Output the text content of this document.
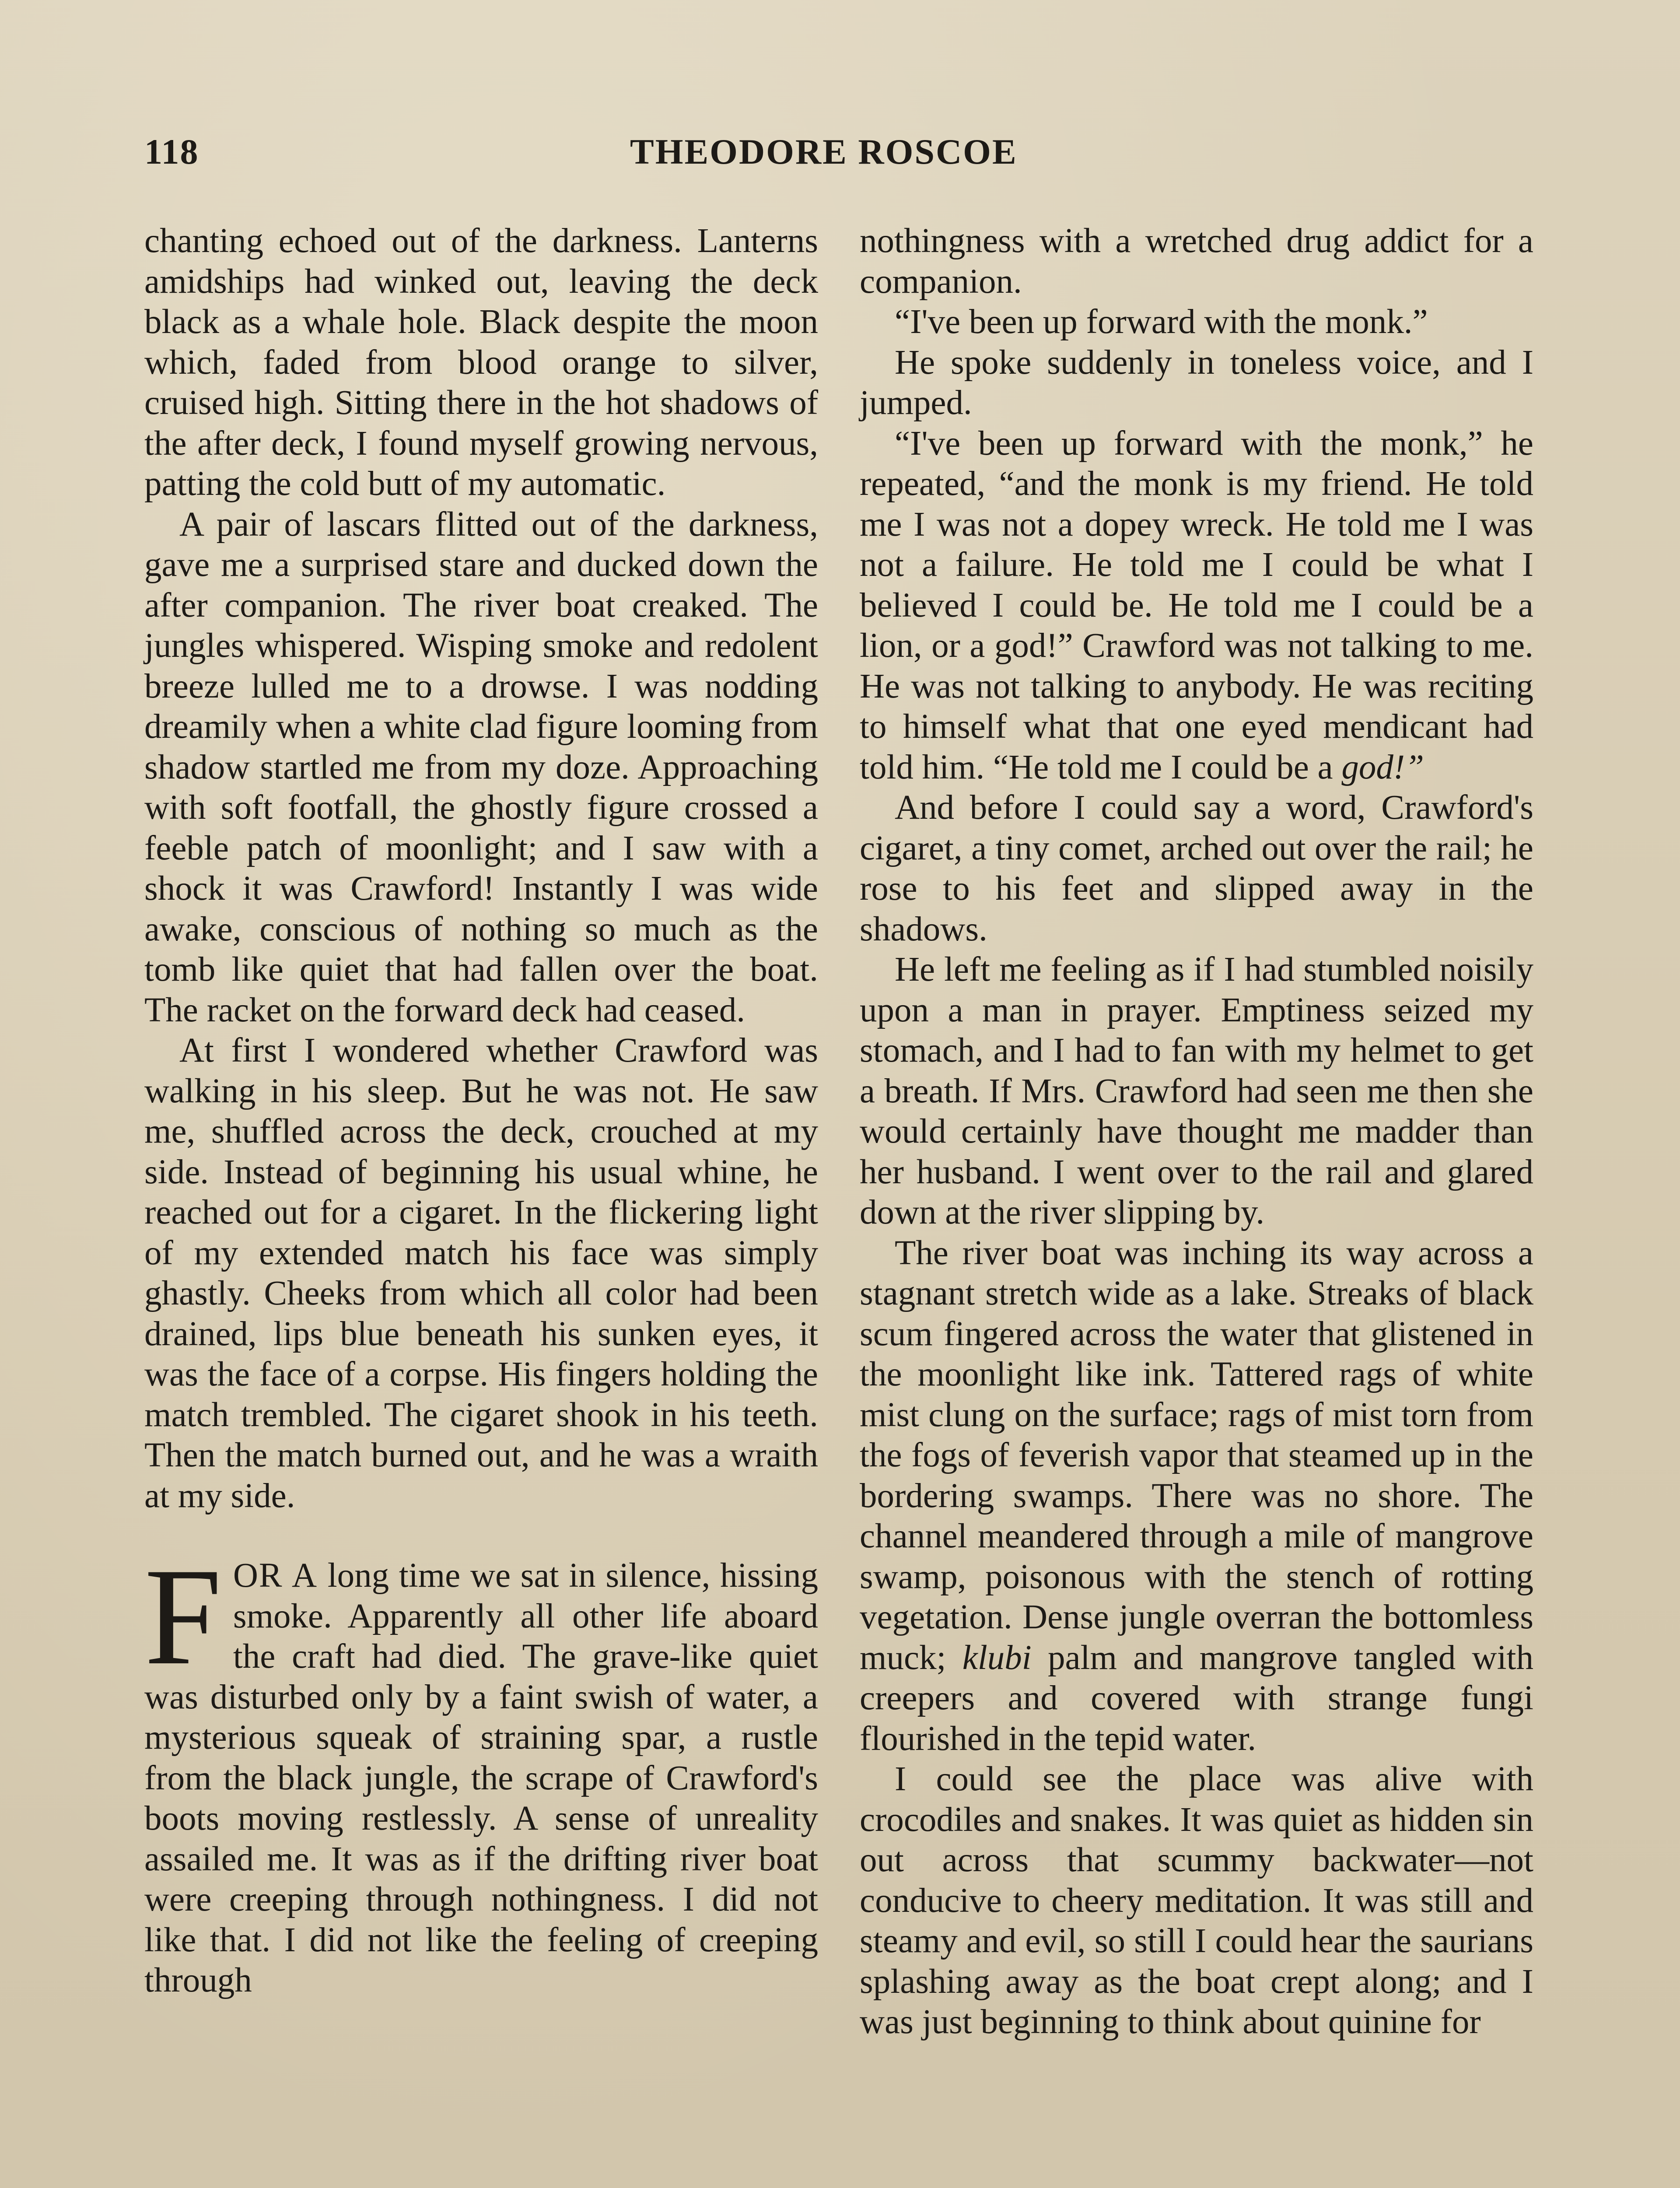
118	THEODORE ROSCOE

chanting echoed out of the darkness. Lanterns amidships had winked out, leaving the deck black as a whale hole. Black despite the moon which, faded from blood orange to silver, cruised high. Sitting there in the hot shadows of the after deck, I found myself growing nervous, patting the cold butt of my automatic.

A pair of lascars flitted out of the darkness, gave me a surprised stare and ducked down the after companion. The river boat creaked. The jungles whispered. Wisping smoke and redolent breeze lulled me to a drowse. I was nodding dreamily when a white clad figure looming from shadow startled me from my doze. Approaching with soft footfall, the ghostly figure crossed a feeble patch of moonlight; and I saw with a shock it was Crawford! Instantly I was wide awake, conscious of nothing so much as the tomb like quiet that had fallen over the boat. The racket on the forward deck had ceased.

At first I wondered whether Crawford was walking in his sleep. But he was not. He saw me, shuffled across the deck, crouched at my side. Instead of beginning his usual whine, he reached out for a cigaret. In the flickering light of my extended match his face was simply ghastly. Cheeks from which all color had been drained, lips blue beneath his sunken eyes, it was the face of a corpse. His fingers holding the match trembled. The cigaret shook in his teeth. Then the match burned out, and he was a wraith at my side.

FOR A long time we sat in silence, hissing smoke. Apparently all other life aboard the craft had died. The grave-like quiet was disturbed only by a faint swish of water, a mysterious squeak of straining spar, a rustle from the black jungle, the scrape of Crawford's boots moving restlessly. A sense of unreality assailed me. It was as if the drifting river boat were creeping through nothingness. I did not like that. I did not like the feeling of creeping through

nothingness with a wretched drug addict for a companion.

“I've been up forward with the monk.”

He spoke suddenly in toneless voice, and I jumped.

“I've been up forward with the monk,” he repeated, “and the monk is my friend. He told me I was not a dopey wreck. He told me I was not a failure. He told me I could be what I believed I could be. He told me I could be a lion, or a god!” Crawford was not talking to me. He was not talking to anybody. He was reciting to himself what that one eyed mendicant had told him. “He told me I could be a god!”

And before I could say a word, Crawford's cigaret, a tiny comet, arched out over the rail; he rose to his feet and slipped away in the shadows.

He left me feeling as if I had stumbled noisily upon a man in prayer. Emptiness seized my stomach, and I had to fan with my helmet to get a breath. If Mrs. Crawford had seen me then she would certainly have thought me madder than her husband. I went over to the rail and glared down at the river slipping by.

The river boat was inching its way across a stagnant stretch wide as a lake. Streaks of black scum fingered across the water that glistened in the moonlight like ink. Tattered rags of white mist clung on the surface; rags of mist torn from the fogs of feverish vapor that steamed up in the bordering swamps. There was no shore. The channel meandered through a mile of mangrove swamp, poisonous with the stench of rotting vegetation. Dense jungle overran the bottomless muck; klubi palm and mangrove tangled with creepers and covered with strange fungi flourished in the tepid water.

I could see the place was alive with crocodiles and snakes. It was quiet as hidden sin out across that scummy backwater—not conducive to cheery meditation. It was still and steamy and evil, so still I could hear the saurians splashing away as the boat crept along; and I was just beginning to think about quinine for
